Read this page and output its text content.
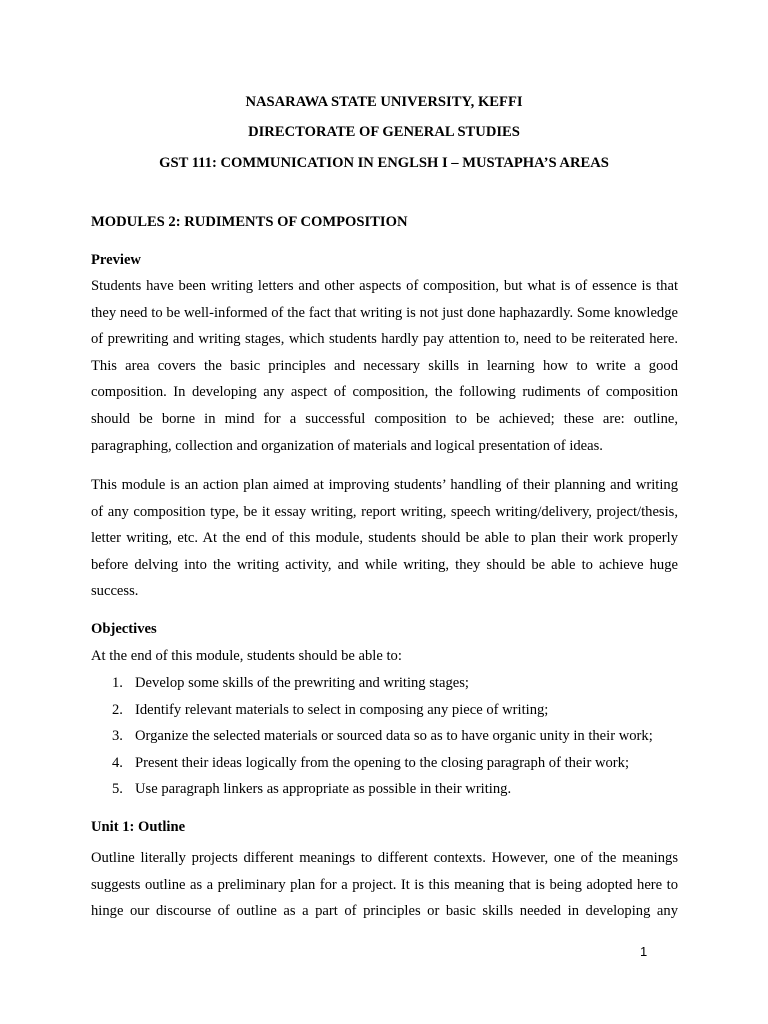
NASARAWA STATE UNIVERSITY, KEFFI
DIRECTORATE OF GENERAL STUDIES
GST 111: COMMUNICATION IN ENGLSH I – MUSTAPHA’S AREAS
MODULES 2: RUDIMENTS OF COMPOSITION
Preview

Students have been writing letters and other aspects of composition, but what is of essence is that they need to be well-informed of the fact that writing is not just done haphazardly. Some knowledge of prewriting and writing stages, which students hardly pay attention to, need to be reiterated here. This area covers the basic principles and necessary skills in learning how to write a good composition. In developing any aspect of composition, the following rudiments of composition should be borne in mind for a successful composition to be achieved; these are: outline, paragraphing, collection and organization of materials and logical presentation of ideas.

This module is an action plan aimed at improving students’ handling of their planning and writing of any composition type, be it essay writing, report writing, speech writing/delivery, project/thesis, letter writing, etc. At the end of this module, students should be able to plan their work properly before delving into the writing activity, and while writing, they should be able to achieve huge success.

Objectives
At the end of this module, students should be able to:
1. Develop some skills of the prewriting and writing stages;
2. Identify relevant materials to select in composing any piece of writing;
3. Organize the selected materials or sourced data so as to have organic unity in their work;
4. Present their ideas logically from the opening to the closing paragraph of their work;
5. Use paragraph linkers as appropriate as possible in their writing.
Unit 1: Outline

Outline literally projects different meanings to different contexts. However, one of the meanings suggests outline as a preliminary plan for a project. It is this meaning that is being adopted here to hinge our discourse of outline as a part of principles or basic skills needed in developing any

1
